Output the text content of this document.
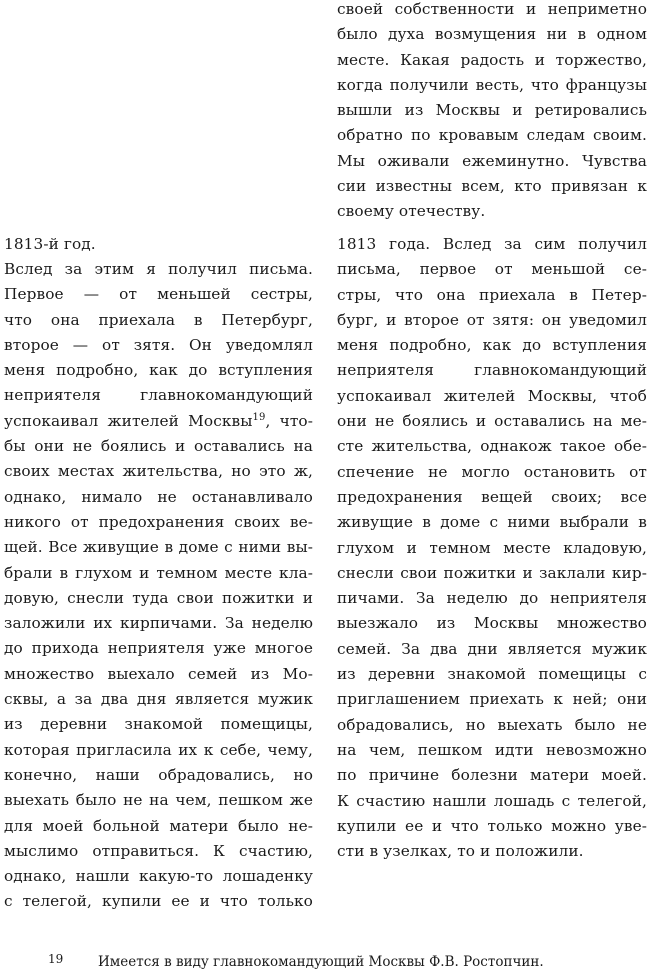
своей собственности и неприметно
было духа возмущения ни в одном
месте. Какая радость и торжество,
когда получили весть, что французы
вышли из Москвы и ретировались
обратно по кровавым следам своим.
Мы оживали ежеминутно. Чувства
сии известны всем, кто привязан к
своему отечеству.
1813-й год.
Вслед за этим я получил письма.
Первое — от меньшей сестры,
что она приехала в Петербург,
второе — от зятя. Он уведомлял
меня подробно, как до вступления
неприятеля главнокомандующий
успокаивал жителей Москвы$^{19}$, что-
бы они не боялись и оставались на
своих местах жительства, но это ж,
однако, нимало не останавливало
никого от предохранения своих ве-
щей. Все живущие в доме с ними вы-
брали в глухом и темном месте кла-
довую, снесли туда свои пожитки и
заложили их кирпичами. За неделю
до прихода неприятеля уже многое
множество выехало семей из Мо-
сквы, а за два дня является мужик
из деревни знакомой помещицы,
которая пригласила их к себе, чему,
конечно, наши обрадовались, но
выехать было не на чем, пешком же
для моей больной матери было не-
мыслимо отправиться. К счастию,
однако, нашли какую-то лошаденку
с телегой, купили ее и что только
1813 года. Вслед за сим получил
письма, первое от меньшой се-
стры, что она приехала в Петер-
бург, и второе от зятя: он уведомил
меня подробно, как до вступления
неприятеля главнокомандующий
успокаивал жителей Москвы, чтоб
они не боялись и оставались на ме-
сте жительства, однакож такое обе-
спечение не могло остановить от
предохранения вещей своих; все
живущие в доме с ними выбрали в
глухом и темном месте кладовую,
снесли свои пожитки и заклали кир-
пичами. За неделю до неприятеля
выезжало из Москвы множество
семей. За два дни является мужик
из деревни знакомой помещицы с
приглашением приехать к ней; они
обрадовались, но выехать было не
на чем, пешком идти невозможно
по причине болезни матери моей.
К счастию нашли лошадь с телегой,
купили ее и что только можно уве-
сти в узелках, то и положили.
19	Имеется в виду главнокомандующий Москвы Ф.В. Ростопчин.
